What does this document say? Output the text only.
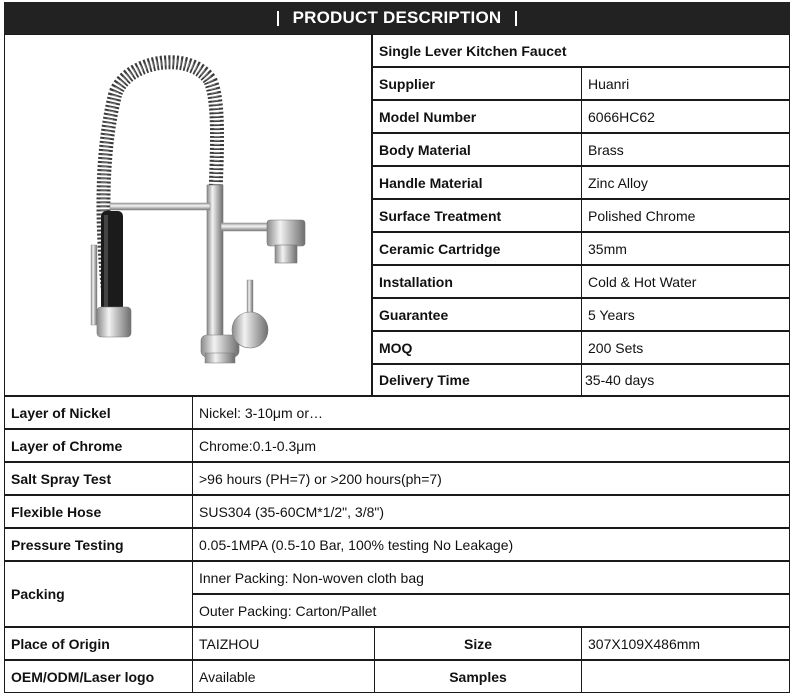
PRODUCT DESCRIPTION
Single Lever Kitchen Faucet
Supplier	Huanri
Model Number	6066HC62
Body Material	Brass
Handle Material	Zinc Alloy
Surface Treatment	Polished Chrome
Ceramic Cartridge	35mm
Installation	Cold & Hot Water
Guarantee	5 Years
MOQ	200 Sets
Delivery Time	35-40 days
Layer of Nickel	Nickel: 3-10μm or…
Layer of Chrome	Chrome:0.1-0.3μm
Salt Spray Test	>96 hours (PH=7) or >200 hours(ph=7)
Flexible Hose	SUS304 (35-60CM*1/2", 3/8")
Pressure Testing	0.05-1MPA (0.5-10 Bar, 100% testing No Leakage)
Packing
Inner Packing: Non-woven cloth bag
Outer Packing: Carton/Pallet
Place of Origin	TAIZHOU	Size	307X109X486mm
OEM/ODM/Laser logo	Available	Samples
